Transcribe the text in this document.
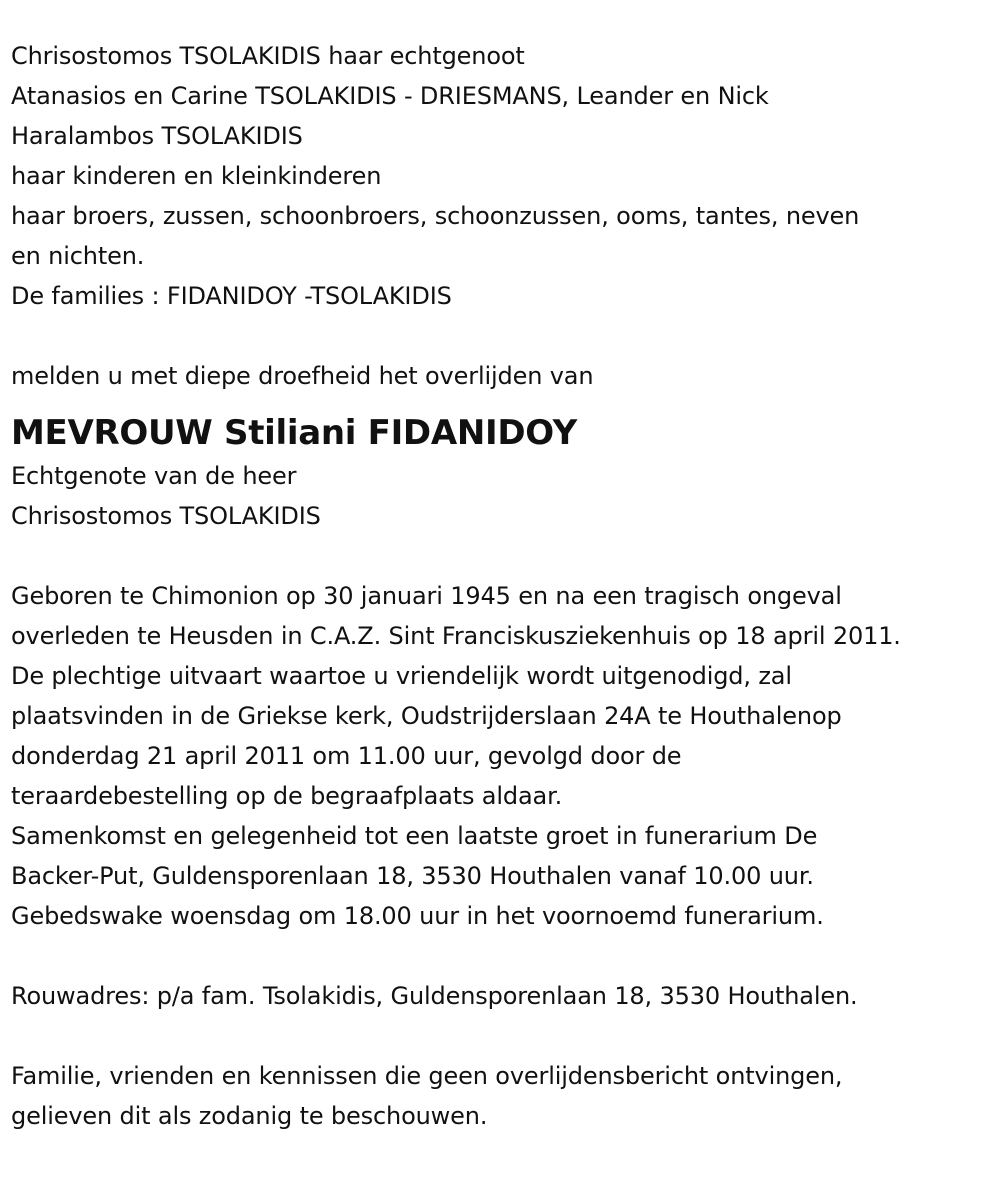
Chrisostomos TSOLAKIDIS haar echtgenoot

Atanasios en Carine TSOLAKIDIS - DRIESMANS, Leander en Nick

Haralambos TSOLAKIDIS

haar kinderen en kleinkinderen

haar broers, zussen, schoonbroers, schoonzussen, ooms, tantes, neven

en nichten.

De families : FIDANIDOY -TSOLAKIDIS

melden u met diepe droefheid het overlijden van

MEVROUW Stiliani FIDANIDOY

Echtgenote van de heer

Chrisostomos TSOLAKIDIS

Geboren te Chimonion op 30 januari 1945 en na een tragisch ongeval

overleden te Heusden in C.A.Z. Sint Franciskusziekenhuis op 18 april 2011.

De plechtige uitvaart waartoe u vriendelijk wordt uitgenodigd, zal

plaatsvinden in de Griekse kerk, Oudstrijderslaan 24A te Houthalenop

donderdag 21 april 2011 om 11.00 uur, gevolgd door de

teraardebestelling op de begraafplaats aldaar.

Samenkomst en gelegenheid tot een laatste groet in funerarium De

Backer-Put, Guldensporenlaan 18, 3530 Houthalen vanaf 10.00 uur.

Gebedswake woensdag om 18.00 uur in het voornoemd funerarium.

Rouwadres: p/a fam. Tsolakidis, Guldensporenlaan 18, 3530 Houthalen.

Familie, vrienden en kennissen die geen overlijdensbericht ontvingen,

gelieven dit als zodanig te beschouwen.
